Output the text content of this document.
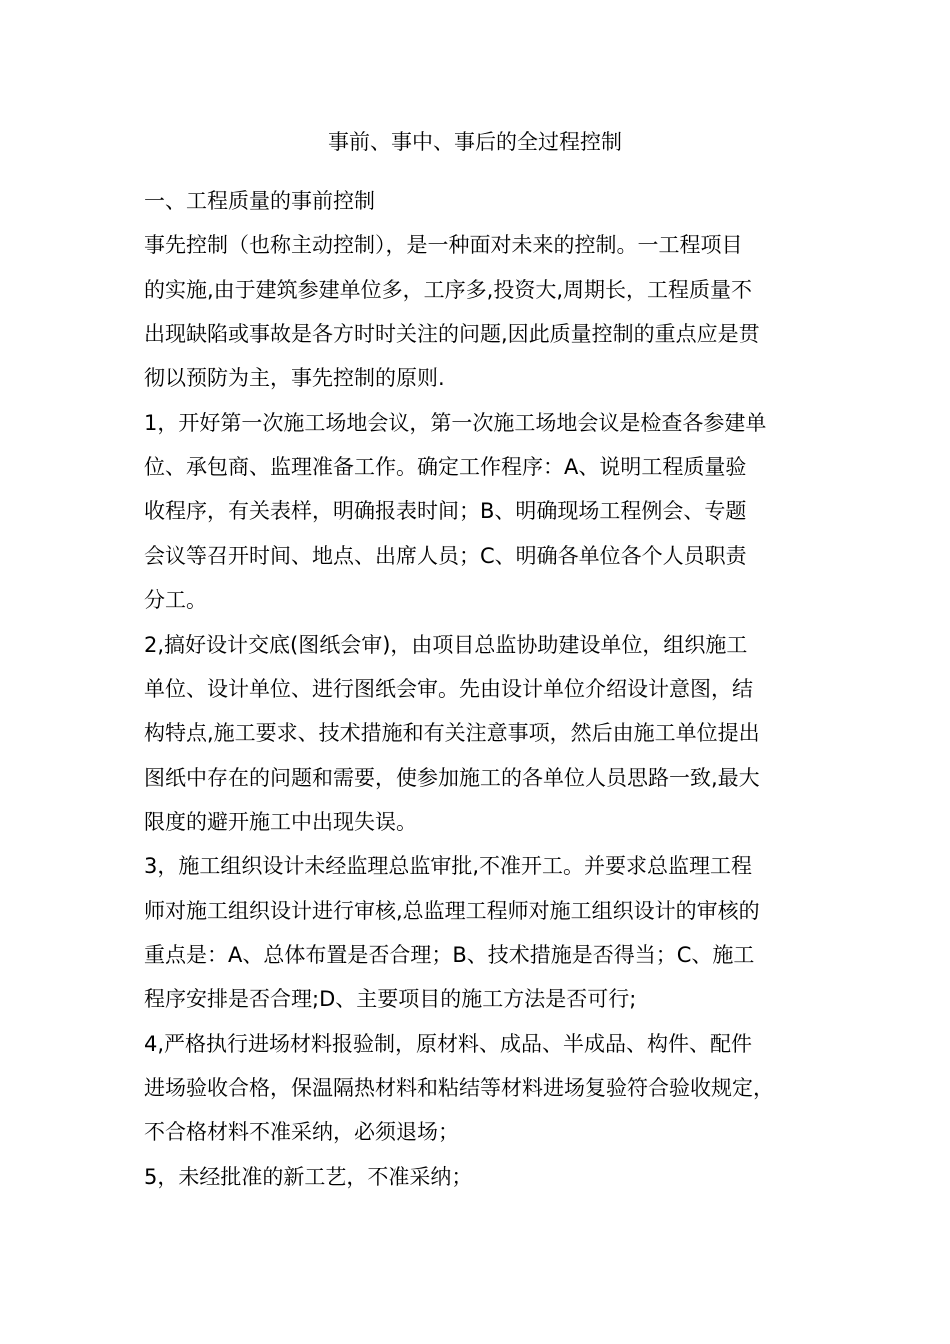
事前、事中、事后的全过程控制
一、工程质量的事前控制

事先控制（也称主动控制），是一种面对未来的控制。一工程项目

的实施,由于建筑参建单位多，工序多,投资大,周期长，工程质量不

出现缺陷或事故是各方时时关注的问题,因此质量控制的重点应是贯

彻以预防为主，事先控制的原则.

1，开好第一次施工场地会议，第一次施工场地会议是检查各参建单

位、承包商、监理准备工作。确定工作程序：A、说明工程质量验

收程序，有关表样，明确报表时间；B、明确现场工程例会、专题

会议等召开时间、地点、出席人员；C、明确各单位各个人员职责

分工。

2,搞好设计交底(图纸会审)，由项目总监协助建设单位，组织施工

单位、设计单位、进行图纸会审。先由设计单位介绍设计意图，结

构特点,施工要求、技术措施和有关注意事项，然后由施工单位提出

图纸中存在的问题和需要，使参加施工的各单位人员思路一致,最大

限度的避开施工中出现失误。

3，施工组织设计未经监理总监审批,不准开工。并要求总监理工程

师对施工组织设计进行审核,总监理工程师对施工组织设计的审核的

重点是：A、总体布置是否合理；B、技术措施是否得当；C、施工

程序安排是否合理;D、主要项目的施工方法是否可行;

4,严格执行进场材料报验制，原材料、成品、半成品、构件、配件

进场验收合格，保温隔热材料和粘结等材料进场复验符合验收规定，

不合格材料不准采纳，必须退场；

5，未经批准的新工艺，不准采纳；
